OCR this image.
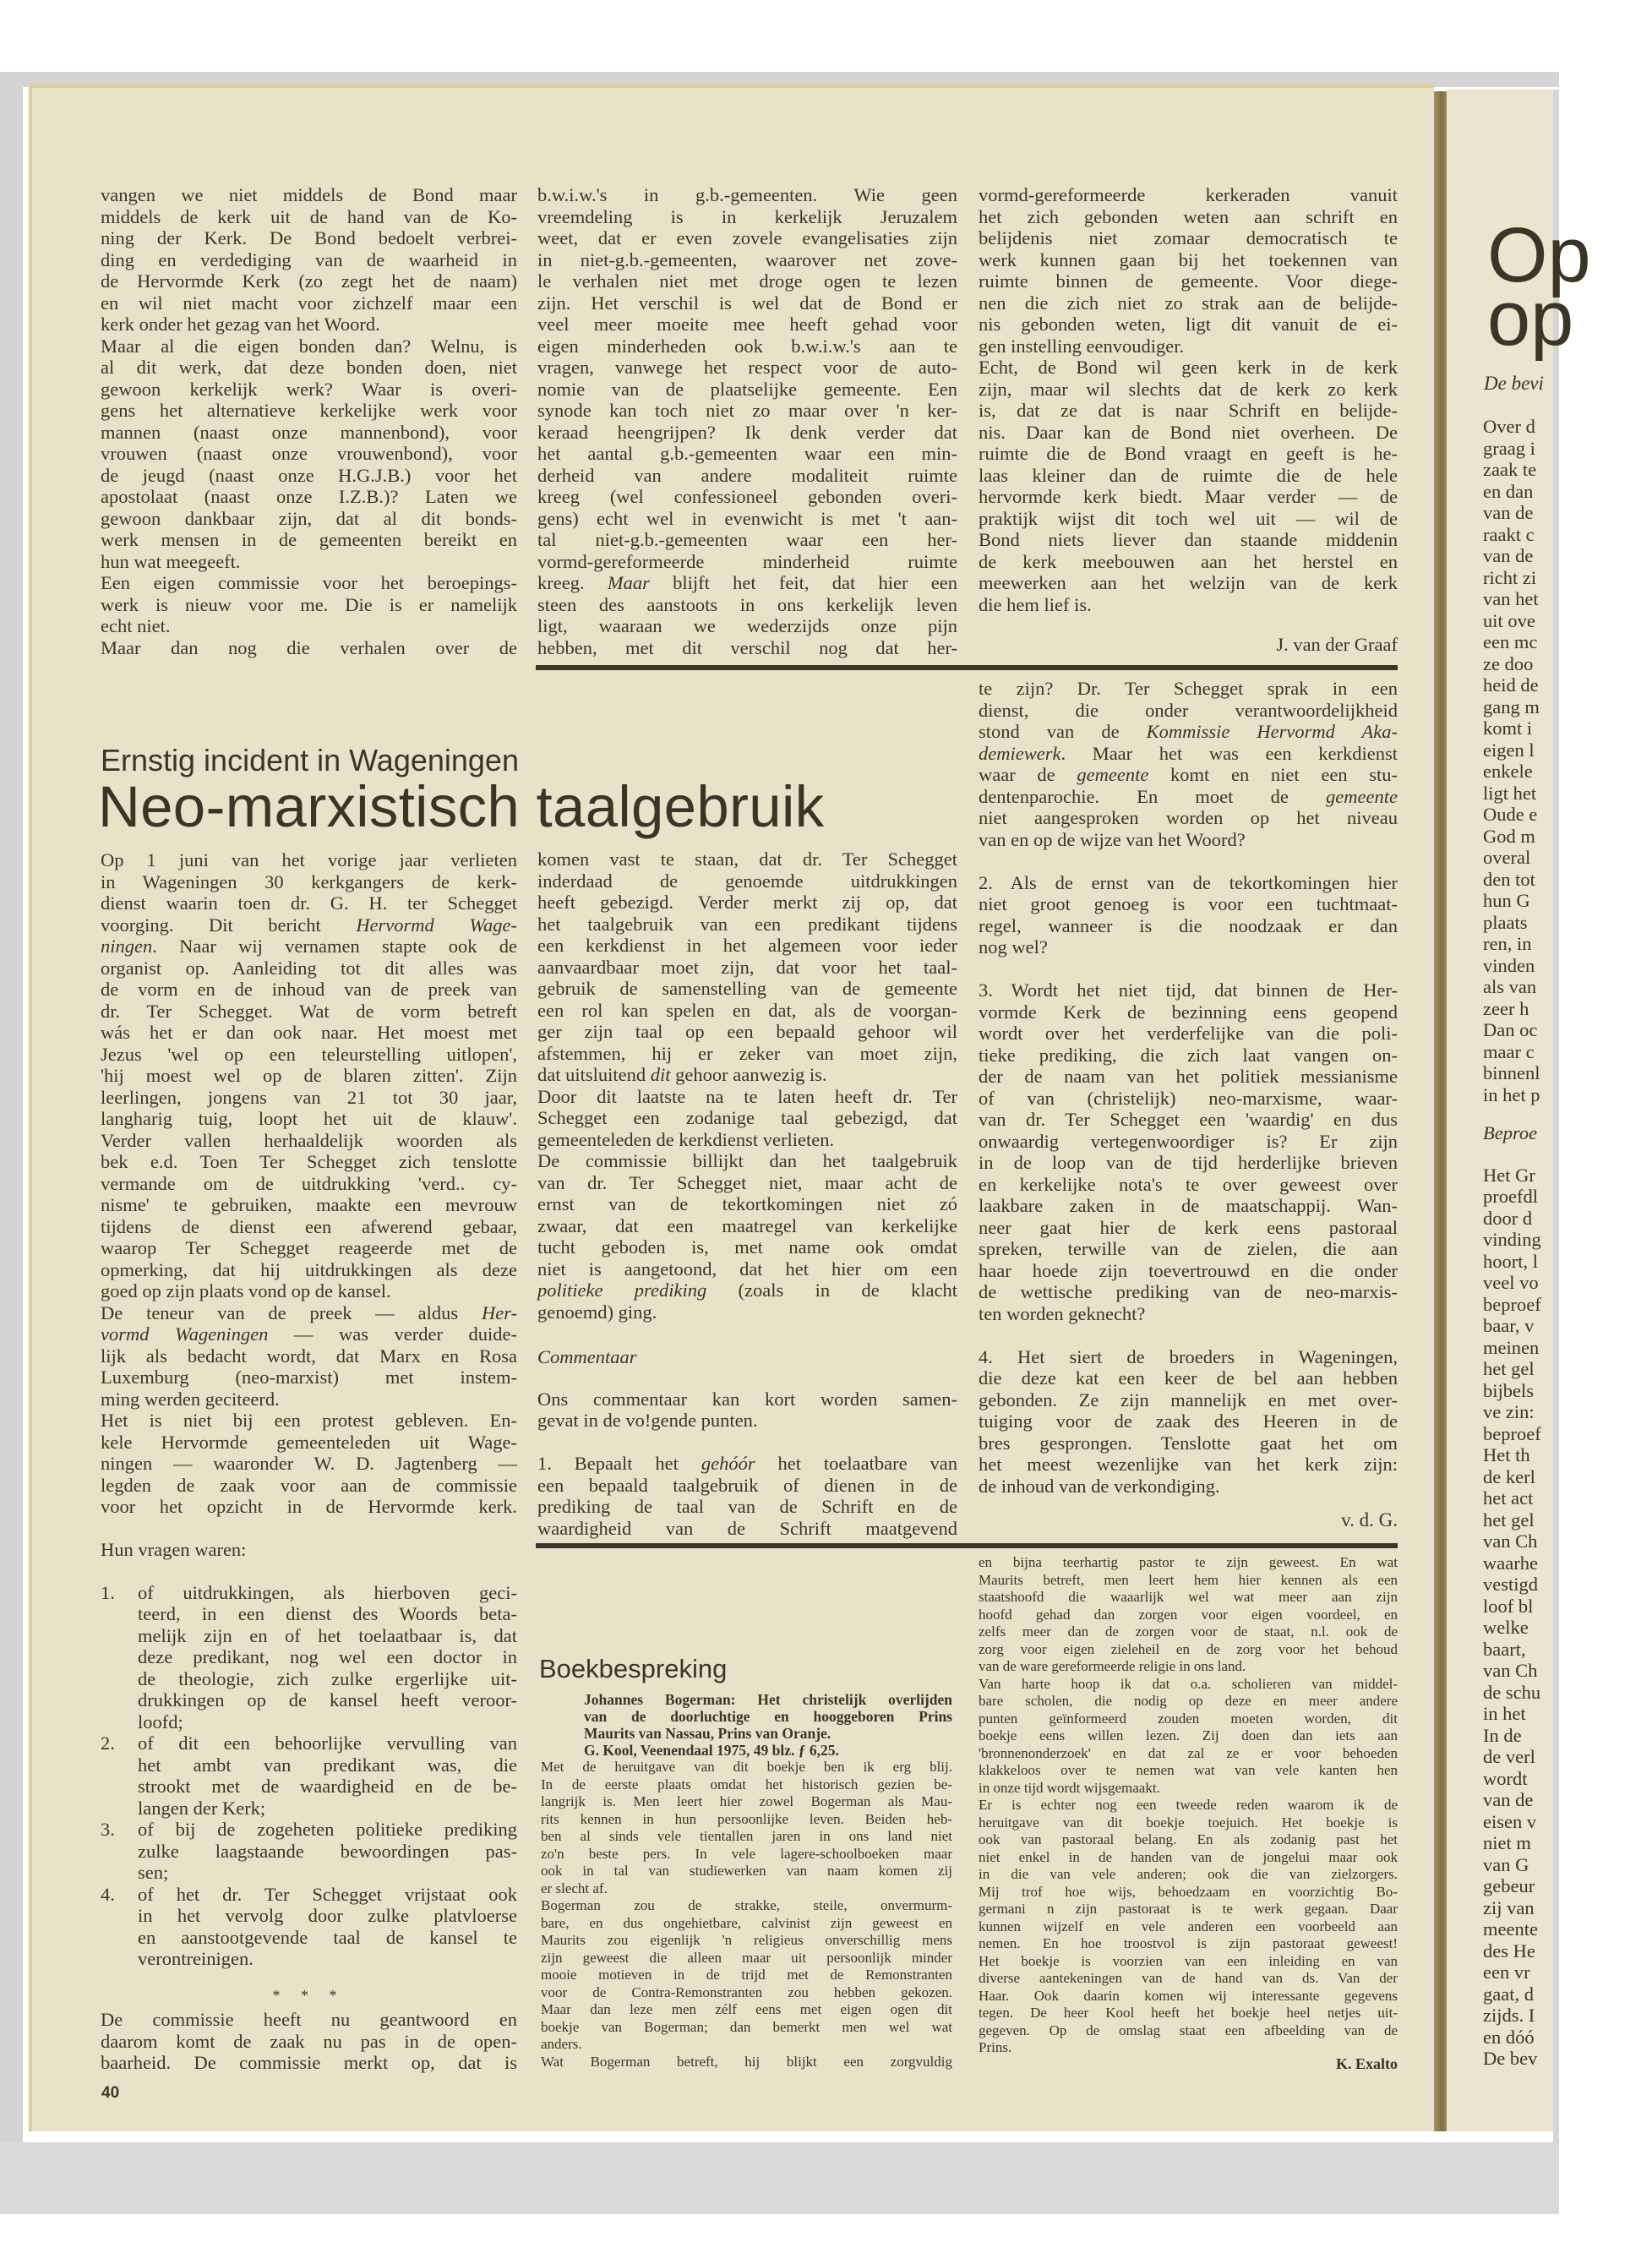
vangen we niet middels de Bond maar
middels de kerk uit de hand van de Ko-
ning der Kerk. De Bond bedoelt verbrei-
ding en verdediging van de waarheid in
de Hervormde Kerk (zo zegt het de naam)
en wil niet macht voor zichzelf maar een
kerk onder het gezag van het Woord.
Maar al die eigen bonden dan? Welnu, is
al dit werk, dat deze bonden doen, niet
gewoon kerkelijk werk? Waar is overi-
gens het alternatieve kerkelijke werk voor
mannen (naast onze mannenbond), voor
vrouwen (naast onze vrouwenbond), voor
de jeugd (naast onze H.G.J.B.) voor het
apostolaat (naast onze I.Z.B.)? Laten we
gewoon dankbaar zijn, dat al dit bonds-
werk mensen in de gemeenten bereikt en
hun wat meegeeft.
Een eigen commissie voor het beroepings-
werk is nieuw voor me. Die is er namelijk
echt niet.
Maar dan nog die verhalen over de
b.w.i.w.'s in g.b.-gemeenten. Wie geen
vreemdeling is in kerkelijk Jeruzalem
weet, dat er even zovele evangelisaties zijn
in niet-g.b.-gemeenten, waarover net zove-
le verhalen niet met droge ogen te lezen
zijn. Het verschil is wel dat de Bond er
veel meer moeite mee heeft gehad voor
eigen minderheden ook b.w.i.w.'s aan te
vragen, vanwege het respect voor de auto-
nomie van de plaatselijke gemeente. Een
synode kan toch niet zo maar over 'n ker-
keraad heengrijpen? Ik denk verder dat
het aantal g.b.-gemeenten waar een min-
derheid van andere modaliteit ruimte
kreeg (wel confessioneel gebonden overi-
gens) echt wel in evenwicht is met 't aan-
tal niet-g.b.-gemeenten waar een her-
vormd-gereformeerde minderheid ruimte
kreeg. Maar blijft het feit, dat hier een
steen des aanstoots in ons kerkelijk leven
ligt, waaraan we wederzijds onze pijn
hebben, met dit verschil nog dat her-
vormd-gereformeerde kerkeraden vanuit
het zich gebonden weten aan schrift en
belijdenis niet zomaar democratisch te
werk kunnen gaan bij het toekennen van
ruimte binnen de gemeente. Voor diege-
nen die zich niet zo strak aan de belijde-
nis gebonden weten, ligt dit vanuit de ei-
gen instelling eenvoudiger.
Echt, de Bond wil geen kerk in de kerk
zijn, maar wil slechts dat de kerk zo kerk
is, dat ze dat is naar Schrift en belijde-
nis. Daar kan de Bond niet overheen. De
ruimte die de Bond vraagt en geeft is he-
laas kleiner dan de ruimte die de hele
hervormde kerk biedt. Maar verder — de
praktijk wijst dit toch wel uit — wil de
Bond niets liever dan staande middenin
de kerk meebouwen aan het herstel en
meewerken aan het welzijn van de kerk
die hem lief is.
J. van der Graaf
Ernstig incident in Wageningen
Neo-marxistisch taalgebruik
Op 1 juni van het vorige jaar verlieten
in Wageningen 30 kerkgangers de kerk-
dienst waarin toen dr. G. H. ter Schegget
voorging. Dit bericht Hervormd Wage-
ningen. Naar wij vernamen stapte ook de
organist op. Aanleiding tot dit alles was
de vorm en de inhoud van de preek van
dr. Ter Schegget. Wat de vorm betreft
wás het er dan ook naar. Het moest met
Jezus 'wel op een teleurstelling uitlopen',
'hij moest wel op de blaren zitten'. Zijn
leerlingen, jongens van 21 tot 30 jaar,
langharig tuig, loopt het uit de klauw'.
Verder vallen herhaaldelijk woorden als
bek e.d. Toen Ter Schegget zich tenslotte
vermande om de uitdrukking 'verd.. cy-
nisme' te gebruiken, maakte een mevrouw
tijdens de dienst een afwerend gebaar,
waarop Ter Schegget reageerde met de
opmerking, dat hij uitdrukkingen als deze
goed op zijn plaats vond op de kansel.
De teneur van de preek — aldus Her-
vormd Wageningen — was verder duide-
lijk als bedacht wordt, dat Marx en Rosa
Luxemburg (neo-marxist) met instem-
ming werden geciteerd.
Het is niet bij een protest gebleven. En-
kele Hervormde gemeenteleden uit Wage-
ningen — waaronder W. D. Jagtenberg —
legden de zaak voor aan de commissie
voor het opzicht in de Hervormde kerk.
Hun vragen waren:
1.	of uitdrukkingen, als hierboven geci-
teerd, in een dienst des Woords beta-
melijk zijn en of het toelaatbaar is, dat
deze predikant, nog wel een doctor in
de theologie, zich zulke ergerlijke uit-
drukkingen op de kansel heeft veroor-
loofd;
2.	of dit een behoorlijke vervulling van
het ambt van predikant was, die
strookt met de waardigheid en de be-
langen der Kerk;
3.	of bij de zogeheten politieke prediking
zulke laagstaande bewoordingen pas-
sen;
4.	of het dr. Ter Schegget vrijstaat ook
in het vervolg door zulke platvloerse
en aanstootgevende taal de kansel te
verontreinigen.
* * *
De commissie heeft nu geantwoord en
daarom komt de zaak nu pas in de open-
baarheid. De commissie merkt op, dat is
komen vast te staan, dat dr. Ter Schegget
inderdaad de genoemde uitdrukkingen
heeft gebezigd. Verder merkt zij op, dat
het taalgebruik van een predikant tijdens
een kerkdienst in het algemeen voor ieder
aanvaardbaar moet zijn, dat voor het taal-
gebruik de samenstelling van de gemeente
een rol kan spelen en dat, als de voorgan-
ger zijn taal op een bepaald gehoor wil
afstemmen, hij er zeker van moet zijn,
dat uitsluitend dit gehoor aanwezig is.
Door dit laatste na te laten heeft dr. Ter
Schegget een zodanige taal gebezigd, dat
gemeenteleden de kerkdienst verlieten.
De commissie billijkt dan het taalgebruik
van dr. Ter Schegget niet, maar acht de
ernst van de tekortkomingen niet zó
zwaar, dat een maatregel van kerkelijke
tucht geboden is, met name ook omdat
niet is aangetoond, dat het hier om een
politieke prediking (zoals in de klacht
genoemd) ging.
Commentaar
Ons commentaar kan kort worden samen-
gevat in de vo!gende punten.
1. Bepaalt het gehóór het toelaatbare van
een bepaald taalgebruik of dienen in de
prediking de taal van de Schrift en de
waardigheid van de Schrift maatgevend
te zijn? Dr. Ter Schegget sprak in een
dienst, die onder verantwoordelijkheid
stond van de Kommissie Hervormd Aka-
demiewerk. Maar het was een kerkdienst
waar de gemeente komt en niet een stu-
dentenparochie. En moet de gemeente
niet aangesproken worden op het niveau
van en op de wijze van het Woord?
2. Als de ernst van de tekortkomingen hier
niet groot genoeg is voor een tuchtmaat-
regel, wanneer is die noodzaak er dan
nog wel?
3. Wordt het niet tijd, dat binnen de Her-
vormde Kerk de bezinning eens geopend
wordt over het verderfelijke van die poli-
tieke prediking, die zich laat vangen on-
der de naam van het politiek messianisme
of van (christelijk) neo-marxisme, waar-
van dr. Ter Schegget een 'waardig' en dus
onwaardig vertegenwoordiger is? Er zijn
in de loop van de tijd herderlijke brieven
en kerkelijke nota's te over geweest over
laakbare zaken in de maatschappij. Wan-
neer gaat hier de kerk eens pastoraal
spreken, terwille van de zielen, die aan
haar hoede zijn toevertrouwd en die onder
de wettische prediking van de neo-marxis-
ten worden geknecht?
4. Het siert de broeders in Wageningen,
die deze kat een keer de bel aan hebben
gebonden. Ze zijn mannelijk en met over-
tuiging voor de zaak des Heeren in de
bres gesprongen. Tenslotte gaat het om
het meest wezenlijke van het kerk zijn:
de inhoud van de verkondiging.
v. d. G.
Boekbespreking
Johannes Bogerman: Het christelijk overlijden
van de doorluchtige en hooggeboren Prins
Maurits van Nassau, Prins van Oranje.
G. Kool, Veenendaal 1975, 49 blz. ƒ 6,25.
Met de heruitgave van dit boekje ben ik erg blij.
In de eerste plaats omdat het historisch gezien be-
langrijk is. Men leert hier zowel Bogerman als Mau-
rits kennen in hun persoonlijke leven. Beiden heb-
ben al sinds vele tientallen jaren in ons land niet
zo'n beste pers. In vele lagere-schoolboeken maar
ook in tal van studiewerken van naam komen zij
er slecht af.
Bogerman zou de strakke, steile, onvermurm-
bare, en dus ongehietbare, calvinist zijn geweest en
Maurits zou eigenlijk 'n religieus onverschillig mens
zijn geweest die alleen maar uit persoonlijk minder
mooie motieven in de trijd met de Remonstranten
voor de Contra-Remonstranten zou hebben gekozen.
Maar dan leze men zélf eens met eigen ogen dit
boekje van Bogerman; dan bemerkt men wel wat
anders.
Wat Bogerman betreft, hij blijkt een zorgvuldig
en bijna teerhartig pastor te zijn geweest. En wat
Maurits betreft, men leert hem hier kennen als een
staatshoofd die waaarlijk wel wat meer aan zijn
hoofd gehad dan zorgen voor eigen voordeel, en
zelfs meer dan de zorgen voor de staat, n.l. ook de
zorg voor eigen zieleheil en de zorg voor het behoud
van de ware gereformeerde religie in ons land.
Van harte hoop ik dat o.a. scholieren van middel-
bare scholen, die nodig op deze en meer andere
punten geïnformeerd zouden moeten worden, dit
boekje eens willen lezen. Zij doen dan iets aan
'bronnenonderzoek' en dat zal ze er voor behoeden
klakkeloos over te nemen wat van vele kanten hen
in onze tijd wordt wijsgemaakt.
Er is echter nog een tweede reden waarom ik de
heruitgave van dit boekje toejuich. Het boekje is
ook van pastoraal belang. En als zodanig past het
niet enkel in de handen van de jongelui maar ook
in die van vele anderen; ook die van zielzorgers.
Mij trof hoe wijs, behoedzaam en voorzichtig Bo-
germani n zijn pastoraat is te werk gegaan. Daar
kunnen wijzelf en vele anderen een voorbeeld aan
nemen. En hoe troostvol is zijn pastoraat geweest!
Het boekje is voorzien van een inleiding en van
diverse aantekeningen van de hand van ds. Van der
Haar. Ook daarin komen wij interessante gegevens
tegen. De heer Kool heeft het boekje heel netjes uit-
gegeven. Op de omslag staat een afbeelding van de
Prins.
K. Exalto
40
Op
op
De bevi
Over d
graag i
zaak te
en dan
van de
raakt c
van de
richt zi
van het
uit ove
een mc
ze doo
heid de
gang m
komt i
eigen l
enkele
ligt het
Oude e
God m
overal
den tot
hun G
plaats
ren, in
vinden
als van
zeer h
Dan oc
maar c
binnenl
in het p
Beproe
Het Gr
proefdl
door d
vinding
hoort, l
veel vo
beproef
baar, v
meinen
het gel
bijbels
ve zin:
beproef
Het th
de kerl
het act
het gel
van Ch
waarhe
vestigd
loof bl
welke
baart,
van Ch
de schu
in het
In de
de verl
wordt
van de
eisen v
niet m
van G
gebeur
zij van
meente
des He
een vr
gaat, d
zijds. I
en dóó
De bev
